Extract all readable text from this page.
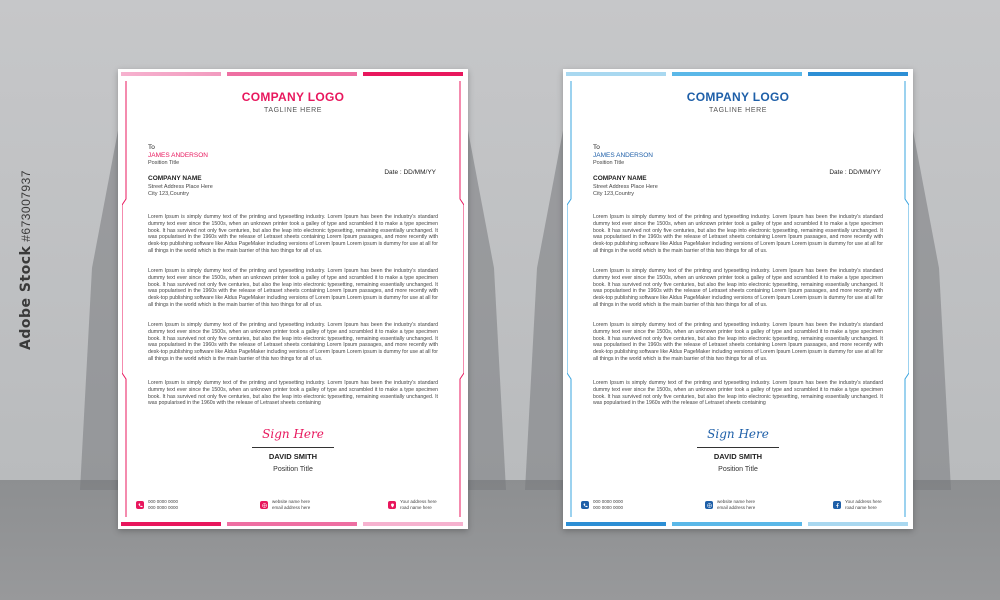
Adobe Stock #673007937
COMPANY LOGO
TAGLINE HERE
To
JAMES ANDERSON
Position Title
Date : DD/MM/YY
COMPANY NAME
Street Address Place Here
City 123,Country
Lorem Ipsum is simply dummy text of the printing and typesetting industry. Lorem Ipsum has been the industry's standard dummy text ever since the 1500s, when an unknown printer took a galley of type and scrambled it to make a type specimen book. It has survived not only five centuries, but also the leap into electronic typesetting, remaining essentially unchanged. It was popularised in the 1960s with the release of Letraset sheets containing Lorem Ipsum passages, and more recently with desk-top publishing software like Aldus PageMaker including versions of Lorem Ipsum Lorem ipsum is dummy for use at all for all things in the world which is the main barrier of this two things for all of us.
Lorem Ipsum is simply dummy text of the printing and typesetting industry. Lorem Ipsum has been the industry's standard dummy text ever since the 1500s, when an unknown printer took a galley of type and scrambled it to make a type specimen book. It has survived not only five centuries, but also the leap into electronic typesetting, remaining essentially unchanged. It was popularised in the 1960s with the release of Letraset sheets containing Lorem Ipsum passages, and more recently with desk-top publishing software like Aldus PageMaker including versions of Lorem Ipsum Lorem ipsum is dummy for use at all for all things in the world which is the main barrier of this two things for all of us.
Lorem Ipsum is simply dummy text of the printing and typesetting industry. Lorem Ipsum has been the industry's standard dummy text ever since the 1500s, when an unknown printer took a galley of type and scrambled it to make a type specimen book. It has survived not only five centuries, but also the leap into electronic typesetting, remaining essentially unchanged. It was popularised in the 1960s with the release of Letraset sheets containing Lorem Ipsum passages, and more recently with desk-top publishing software like Aldus PageMaker including versions of Lorem Ipsum Lorem ipsum is dummy for use at all for all things in the world which is the main barrier of this two things for all of us.
Lorem Ipsum is simply dummy text of the printing and typesetting industry. Lorem Ipsum has been the industry's standard dummy text ever since the 1500s, when an unknown printer took a galley of type and scrambled it to make a type specimen book. It has survived not only five centuries, but also the leap into electronic typesetting, remaining essentially unchanged. It was popularised in the 1960s with the release of Letraset sheets containing
Sign Here
DAVID SMITH
Position Title
000 0000 0000
000 0000 0000
website name here
email address here
Your address here
road name here
COMPANY LOGO
TAGLINE HERE
To
JAMES ANDERSON
Position Title
Date : DD/MM/YY
COMPANY NAME
Street Address Place Here
City 123,Country
Lorem Ipsum is simply dummy text of the printing and typesetting industry. Lorem Ipsum has been the industry's standard dummy text ever since the 1500s, when an unknown printer took a galley of type and scrambled it to make a type specimen book. It has survived not only five centuries, but also the leap into electronic typesetting, remaining essentially unchanged. It was popularised in the 1960s with the release of Letraset sheets containing Lorem Ipsum passages, and more recently with desk-top publishing software like Aldus PageMaker including versions of Lorem Ipsum Lorem ipsum is dummy for use at all for all things in the world which is the main barrier of this two things for all of us.
Lorem Ipsum is simply dummy text of the printing and typesetting industry. Lorem Ipsum has been the industry's standard dummy text ever since the 1500s, when an unknown printer took a galley of type and scrambled it to make a type specimen book. It has survived not only five centuries, but also the leap into electronic typesetting, remaining essentially unchanged. It was popularised in the 1960s with the release of Letraset sheets containing Lorem Ipsum passages, and more recently with desk-top publishing software like Aldus PageMaker including versions of Lorem Ipsum Lorem ipsum is dummy for use at all for all things in the world which is the main barrier of this two things for all of us.
Lorem Ipsum is simply dummy text of the printing and typesetting industry. Lorem Ipsum has been the industry's standard dummy text ever since the 1500s, when an unknown printer took a galley of type and scrambled it to make a type specimen book. It has survived not only five centuries, but also the leap into electronic typesetting, remaining essentially unchanged. It was popularised in the 1960s with the release of Letraset sheets containing Lorem Ipsum passages, and more recently with desk-top publishing software like Aldus PageMaker including versions of Lorem Ipsum Lorem ipsum is dummy for use at all for all things in the world which is the main barrier of this two things for all of us.
Lorem Ipsum is simply dummy text of the printing and typesetting industry. Lorem Ipsum has been the industry's standard dummy text ever since the 1500s, when an unknown printer took a galley of type and scrambled it to make a type specimen book. It has survived not only five centuries, but also the leap into electronic typesetting, remaining essentially unchanged. It was popularised in the 1960s with the release of Letraset sheets containing
Sign Here
DAVID SMITH
Position Title
000 0000 0000
000 0000 0000
website name here
email address here
Your address here
road name here
